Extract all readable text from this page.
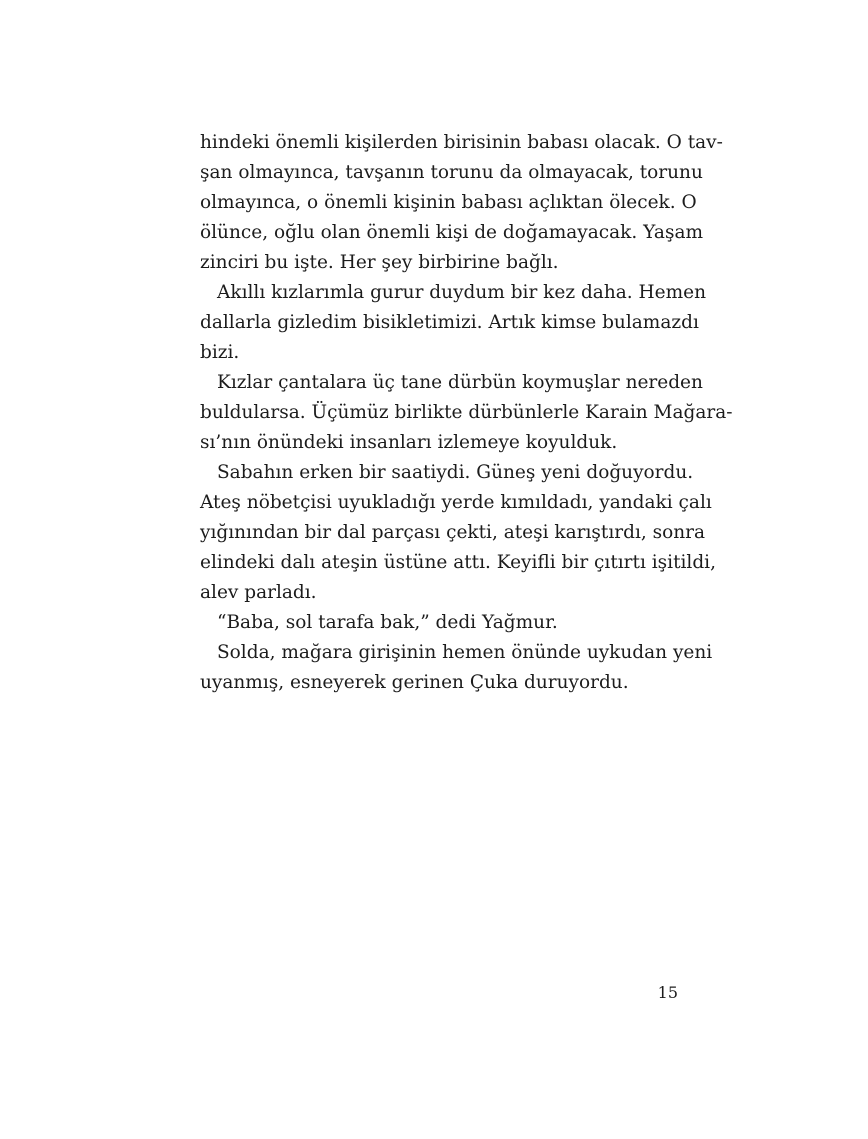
hindeki önemli kişilerden birisinin babası olacak. O tav-
şan olmayınca, tavşanın torunu da olmayacak, torunu
olmayınca, o önemli kişinin babası açlıktan ölecek. O
ölünce, oğlu olan önemli kişi de doğamayacak. Yaşam
zinciri bu işte. Her şey birbirine bağlı.
Akıllı kızlarımla gurur duydum bir kez daha. Hemen
dallarla gizledim bisikletimizi. Artık kimse bulamazdı
bizi.
Kızlar çantalara üç tane dürbün koymuşlar nereden
buldularsa. Üçümüz birlikte dürbünlerle Karain Mağara-
sı’nın önündeki insanları izlemeye koyulduk.
Sabahın erken bir saatiydi. Güneş yeni doğuyordu.
Ateş nöbetçisi uyukladığı yerde kımıldadı, yandaki çalı
yığınından bir dal parçası çekti, ateşi karıştırdı, sonra
elindeki dalı ateşin üstüne attı. Keyifli bir çıtırtı işitildi,
alev parladı.
“Baba, sol tarafa bak,” dedi Yağmur.
Solda, mağara girişinin hemen önünde uykudan yeni
uyanmış, esneyerek gerinen Çuka duruyordu.
15
